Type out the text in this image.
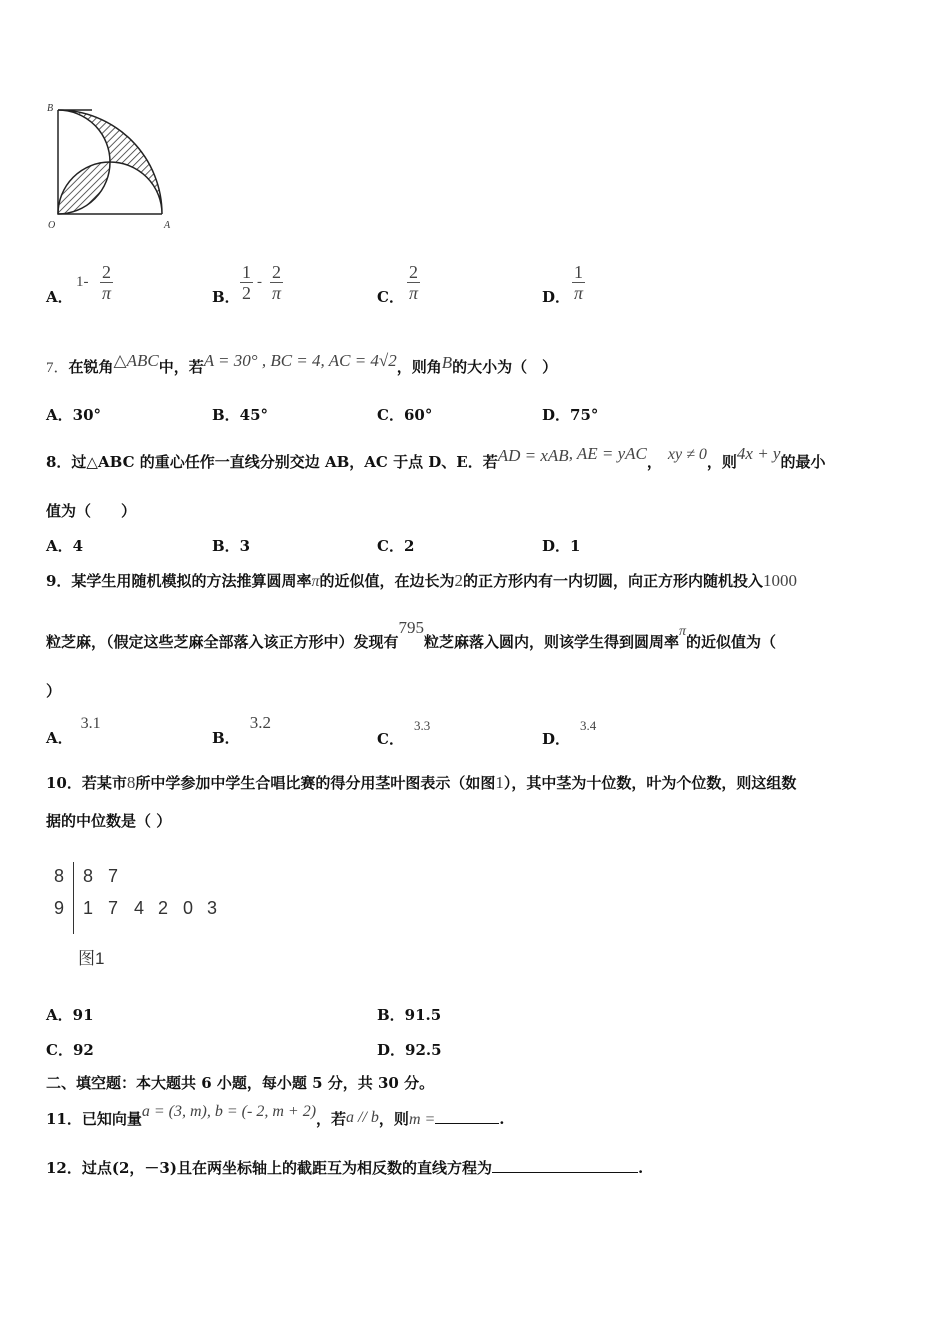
B
O	A
A．
$1- \frac{2}{\pi}$	B． $\frac{1}{2} - \frac{2}{\pi}$	C． $\frac{2}{\pi}$	D． $\frac{1}{\pi}$
7．在锐角△ABC中，若A = 30° , BC = 4, AC = 4√2，则角B的大小为（　）
A．30°	B．45°	C．60°	D．75°
8．过△ABC 的重心任作一直线分别交边 AB，AC 于点 D、E．若AD = xAB, AE = yAC， xy ≠ 0，则4x + y的最小
值为（　　）
A．4	B．3	C．2	D．1
9．某学生用随机模拟的方法推算圆周率π的近似值，在边长为2的正方形内有一内切圆，向正方形内随机投入1000
粒芝麻，（假定这些芝麻全部落入该正方形中）发现有795粒芝麻落入圆内，则该学生得到圆周率π的近似值为（
）
A．3.1
B．3.2
C．3.3
D．3.4
10．若某市8所中学参加中学生合唱比赛的得分用茎叶图表示（如图1），其中茎为十位数，叶为个位数，则这组数
据的中位数是（ ）
8 8 7
9 1 7 4 2 0 3
图1
A．91	B．91.5
C．92	D．92.5
二、填空题：本大题共 6 小题，每小题 5 分，共 30 分。
11．已知向量a = (3, m), b = (- 2, m + 2)，若a // b，则m =	.
12．过点(2，－3)且在两坐标轴上的截距互为相反数的直线方程为	.
